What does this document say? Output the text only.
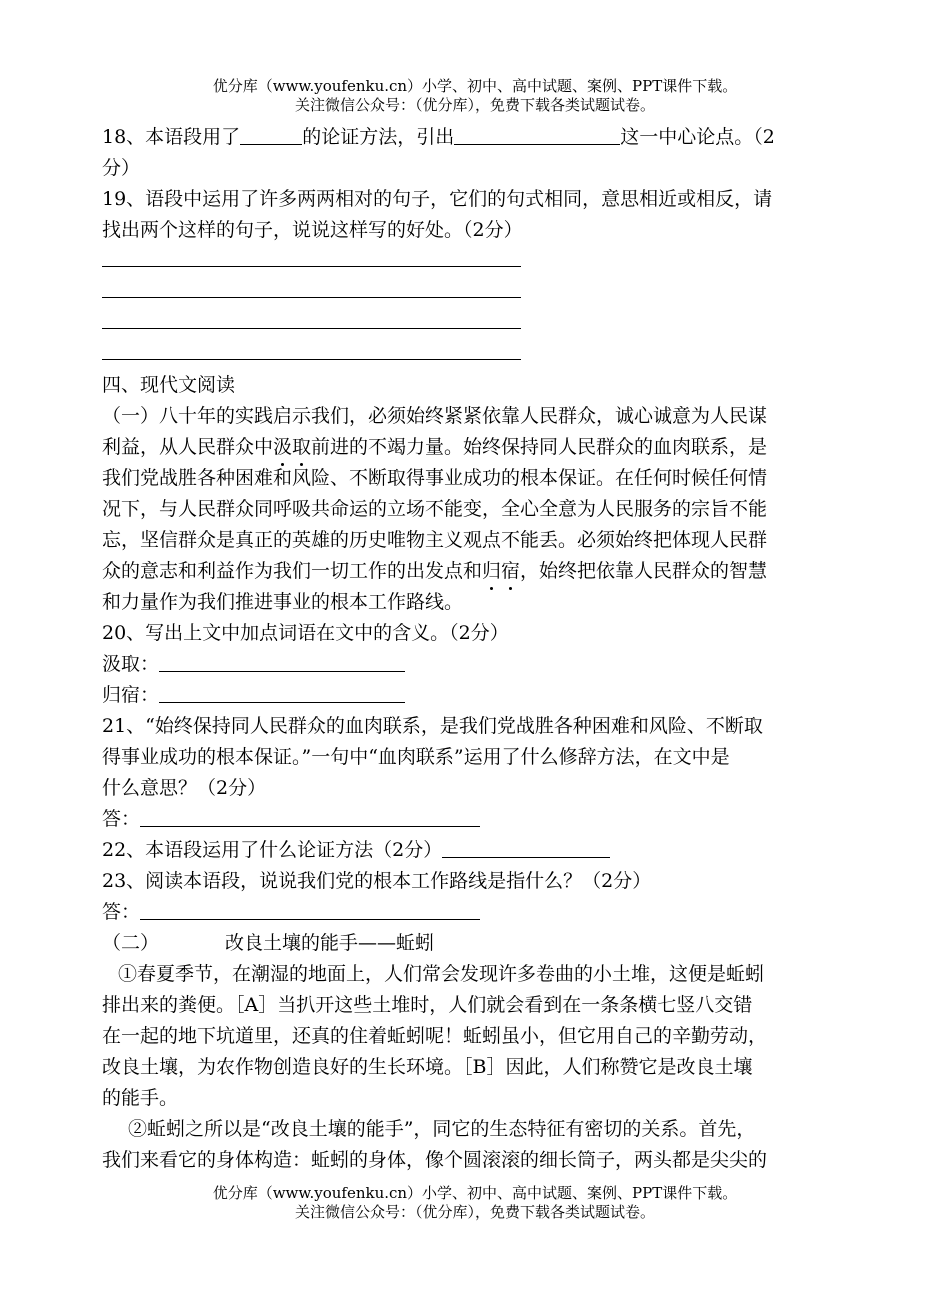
优分库（www.youfenku.cn）小学、初中、高中试题、案例、PPT课件下载。
关注微信公众号：（优分库），免费下载各类试题试卷。
18、本语段用了	的论证方法，引出	这一中心论点。（2
分）
19、语段中运用了许多两两相对的句子，它们的句式相同，意思相近或相反，请
找出两个这样的句子，说说这样写的好处。（2分）
四、现代文阅读
（一）八十年的实践启示我们，必须始终紧紧依靠人民群众，诚心诚意为人民谋
利益，从人民群众中汲取前进的不竭力量。始终保持同人民群众的血肉联系，是
我们党战胜各种困难和风险、不断取得事业成功的根本保证。在任何时候任何情
况下，与人民群众同呼吸共命运的立场不能变，全心全意为人民服务的宗旨不能
忘，坚信群众是真正的英雄的历史唯物主义观点不能丢。必须始终把体现人民群
众的意志和利益作为我们一切工作的出发点和归宿，始终把依靠人民群众的智慧
和力量作为我们推进事业的根本工作路线。
20、写出上文中加点词语在文中的含义。（2分）
汲取：
归宿：
21、“始终保持同人民群众的血肉联系，是我们党战胜各种困难和风险、不断取
得事业成功的根本保证。”一句中“血肉联系”运用了什么修辞方法，在文中是
什么意思？（2分）
答：
22、本语段运用了什么论证方法（2分）
23、阅读本语段，说说我们党的根本工作路线是指什么？（2分）
答：
（二）	改良土壤的能手——蚯蚓
①春夏季节，在潮湿的地面上，人们常会发现许多卷曲的小土堆，这便是蚯蚓
排出来的粪便。［A］当扒开这些土堆时，人们就会看到在一条条横七竖八交错
在一起的地下坑道里，还真的住着蚯蚓呢！蚯蚓虽小，但它用自己的辛勤劳动，
改良土壤，为农作物创造良好的生长环境。［B］因此，人们称赞它是改良土壤
的能手。
②蚯蚓之所以是“改良土壤的能手”，同它的生态特征有密切的关系。首先，
我们来看它的身体构造：蚯蚓的身体，像个圆滚滚的细长筒子，两头都是尖尖的
优分库（www.youfenku.cn）小学、初中、高中试题、案例、PPT课件下载。
关注微信公众号：（优分库），免费下载各类试题试卷。
